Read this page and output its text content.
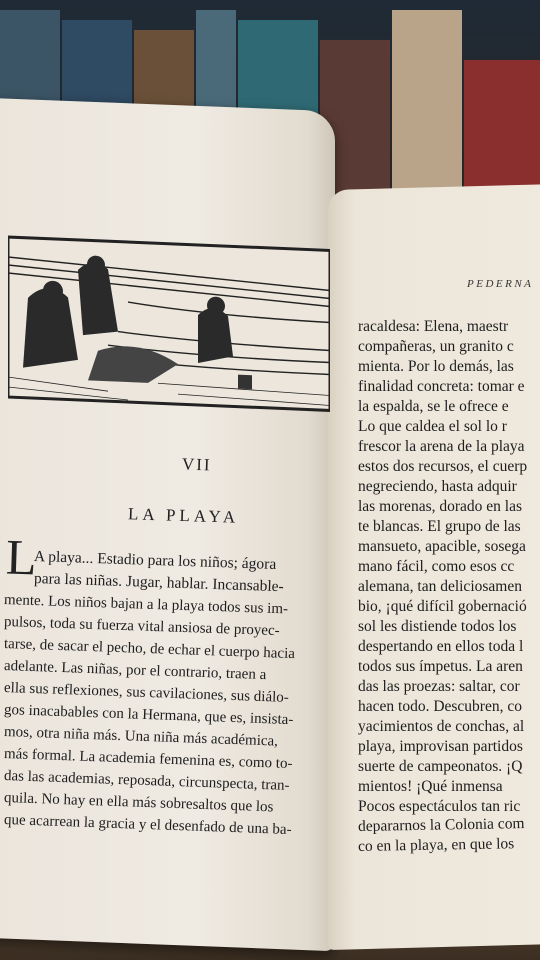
VII
LA PLAYA
L
A playa... Estadio para los niños; ágora
para las niñas. Jugar, hablar. Incansable-
mente. Los niños bajan a la playa todos sus im-
pulsos, toda su fuerza vital ansiosa de proyec-
tarse, de sacar el pecho, de echar el cuerpo hacia
adelante. Las niñas, por el contrario, traen a
ella sus reflexiones, sus cavilaciones, sus diálo-
gos inacabables con la Hermana, que es, insista-
mos, otra niña más. Una niña más académica,
más formal. La academia femenina es, como to-
das las academias, reposada, circunspecta, tran-
quila. No hay en ella más sobresaltos que los
que acarrean la gracia y el desenfado de una ba-
PEDERNA
racaldesa: Elena, maestr
compañeras, un granito c
mienta. Por lo demás, las
finalidad concreta: tomar e
la espalda, se le ofrece e
Lo que caldea el sol lo r
frescor la arena de la playa
estos dos recursos, el cuerp
negreciendo, hasta adquir
las morenas, dorado en las
te blancas. El grupo de las
mansueto, apacible, sosega
mano fácil, como esos cc
alemana, tan deliciosamen
bio, ¡qué difícil gobernació
sol les distiende todos los
despertando en ellos toda l
todos sus ímpetus. La aren
das las proezas: saltar, cor
hacen todo. Descubren, co
yacimientos de conchas, al
playa, improvisan partidos
suerte de campeonatos. ¡Q
mientos! ¡Qué inmensa
Pocos espectáculos tan ric
depararnos la Colonia com
co en la playa, en que los
